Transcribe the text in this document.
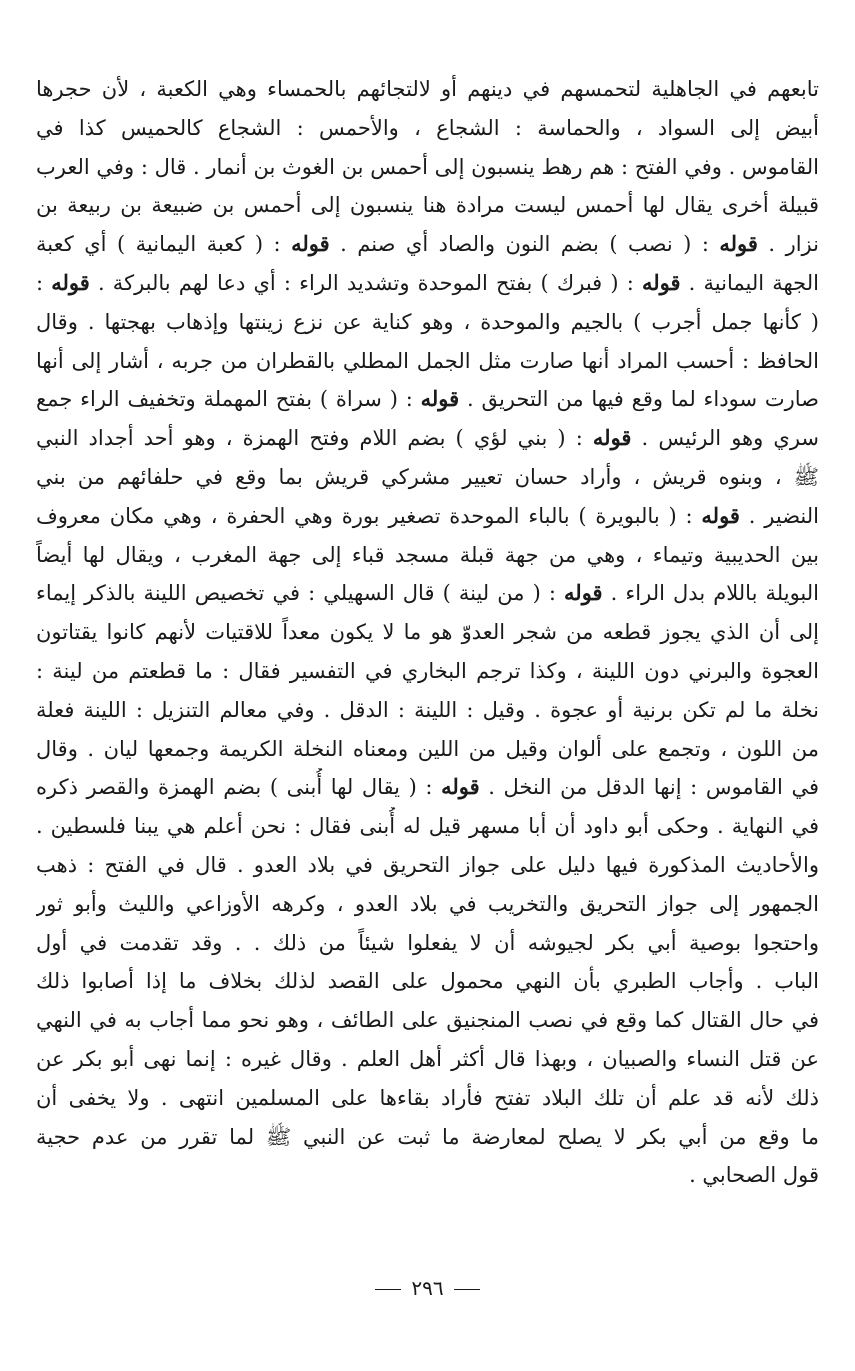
تابعهم في الجاهلية لتحمسهم في دينهم أو لالتجائهم بالحمساء وهي الكعبة ، لأن حجرها
أبيض إلى السواد ، والحماسة : الشجاع ، والأحمس : الشجاع كالحميس كذا في
القاموس . وفي الفتح : هم رهط ينسبون إلى أحمس بن الغوث بن أنمار . قال : وفي العرب
قبيلة أخرى يقال لها أحمس ليست مرادة هنا ينسبون إلى أحمس بن ضبيعة بن ربيعة بن
نزار . قوله : ( نصب ) بضم النون والصاد أي صنم . قوله : ( كعبة اليمانية ) أي كعبة
الجهة اليمانية . قوله : ( فبرك ) بفتح الموحدة وتشديد الراء : أي دعا لهم بالبركة . قوله :
( كأنها جمل أجرب ) بالجيم والموحدة ، وهو كناية عن نزع زينتها وإذهاب بهجتها . وقال
الحافظ : أحسب المراد أنها صارت مثل الجمل المطلي بالقطران من جربه ، أشار إلى أنها
صارت سوداء لما وقع فيها من التحريق . قوله : ( سراة ) بفتح المهملة وتخفيف الراء جمع
سري وهو الرئيس . قوله : ( بني لؤي ) بضم اللام وفتح الهمزة ، وهو أحد أجداد النبي
ﷺ ، وبنوه قريش ، وأراد حسان تعيير مشركي قريش بما وقع في حلفائهم من بني
النضير . قوله : ( بالبويرة ) بالباء الموحدة تصغير بورة وهي الحفرة ، وهي مكان معروف
بين الحديبية وتيماء ، وهي من جهة قبلة مسجد قباء إلى جهة المغرب ، ويقال لها أيضاً
البويلة باللام بدل الراء . قوله : ( من لينة ) قال السهيلي : في تخصيص اللينة بالذكر إيماء
إلى أن الذي يجوز قطعه من شجر العدوّ هو ما لا يكون معداً للاقتيات لأنهم كانوا يقتاتون
العجوة والبرني دون اللينة ، وكذا ترجم البخاري في التفسير فقال : ما قطعتم من لينة :
نخلة ما لم تكن برنية أو عجوة . وقيل : اللينة : الدقل . وفي معالم التنزيل : اللينة فعلة
من اللون ، وتجمع على ألوان وقيل من اللين ومعناه النخلة الكريمة وجمعها ليان . وقال
في القاموس : إنها الدقل من النخل . قوله : ( يقال لها أُبنى ) بضم الهمزة والقصر ذكره
في النهاية . وحكى أبو داود أن أبا مسهر قيل له أُبنى فقال : نحن أعلم هي يبنا فلسطين .
والأحاديث المذكورة فيها دليل على جواز التحريق في بلاد العدو . قال في الفتح : ذهب
الجمهور إلى جواز التحريق والتخريب في بلاد العدو ، وكرهه الأوزاعي والليث وأبو ثور
واحتجوا بوصية أبي بكر لجيوشه أن لا يفعلوا شيئاً من ذلك . . وقد تقدمت في أول
الباب . وأجاب الطبري بأن النهي محمول على القصد لذلك بخلاف ما إذا أصابوا ذلك
في حال القتال كما وقع في نصب المنجنيق على الطائف ، وهو نحو مما أجاب به في النهي
عن قتل النساء والصبيان ، وبهذا قال أكثر أهل العلم . وقال غيره : إنما نهى أبو بكر عن
ذلك لأنه قد علم أن تلك البلاد تفتح فأراد بقاءها على المسلمين انتهى . ولا يخفى أن
ما وقع من أبي بكر لا يصلح لمعارضة ما ثبت عن النبي ﷺ لما تقرر من عدم حجية
قول الصحابي .
٢٩٦
